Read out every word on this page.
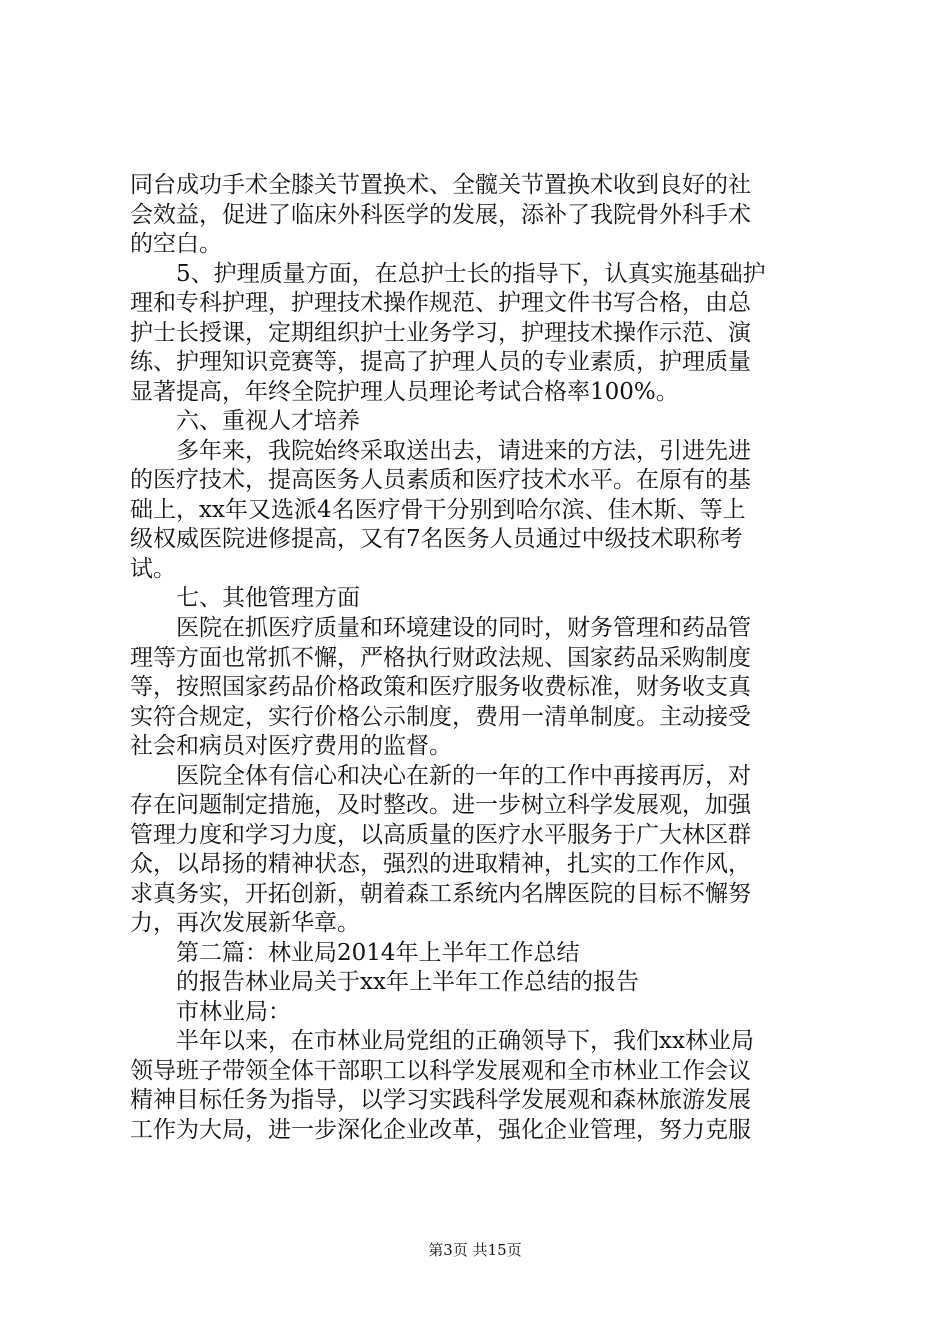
同台成功手术全膝关节置换术、全髋关节置换术收到良好的社
会效益，促进了临床外科医学的发展，添补了我院骨外科手术
的空白。
5、护理质量方面，在总护士长的指导下，认真实施基础护
理和专科护理，护理技术操作规范、护理文件书写合格，由总
护士长授课，定期组织护士业务学习，护理技术操作示范、演
练、护理知识竞赛等，提高了护理人员的专业素质，护理质量
显著提高，年终全院护理人员理论考试合格率100%。
六、重视人才培养
多年来，我院始终采取送出去，请进来的方法，引进先进
的医疗技术，提高医务人员素质和医疗技术水平。在原有的基
础上，xx年又选派4名医疗骨干分别到哈尔滨、佳木斯、等上
级权威医院进修提高，又有7名医务人员通过中级技术职称考
试。
七、其他管理方面
医院在抓医疗质量和环境建设的同时，财务管理和药品管
理等方面也常抓不懈，严格执行财政法规、国家药品采购制度
等，按照国家药品价格政策和医疗服务收费标准，财务收支真
实符合规定，实行价格公示制度，费用一清单制度。主动接受
社会和病员对医疗费用的监督。
医院全体有信心和决心在新的一年的工作中再接再厉，对
存在问题制定措施，及时整改。进一步树立科学发展观，加强
管理力度和学习力度，以高质量的医疗水平服务于广大林区群
众，以昂扬的精神状态，强烈的进取精神，扎实的工作作风，
求真务实，开拓创新，朝着森工系统内名牌医院的目标不懈努
力，再次发展新华章。
第二篇：林业局2014年上半年工作总结
的报告林业局关于xx年上半年工作总结的报告
市林业局：
半年以来，在市林业局党组的正确领导下，我们xx林业局
领导班子带领全体干部职工以科学发展观和全市林业工作会议
精神目标任务为指导，以学习实践科学发展观和森林旅游发展
工作为大局，进一步深化企业改革，强化企业管理，努力克服
第3页 共15页
